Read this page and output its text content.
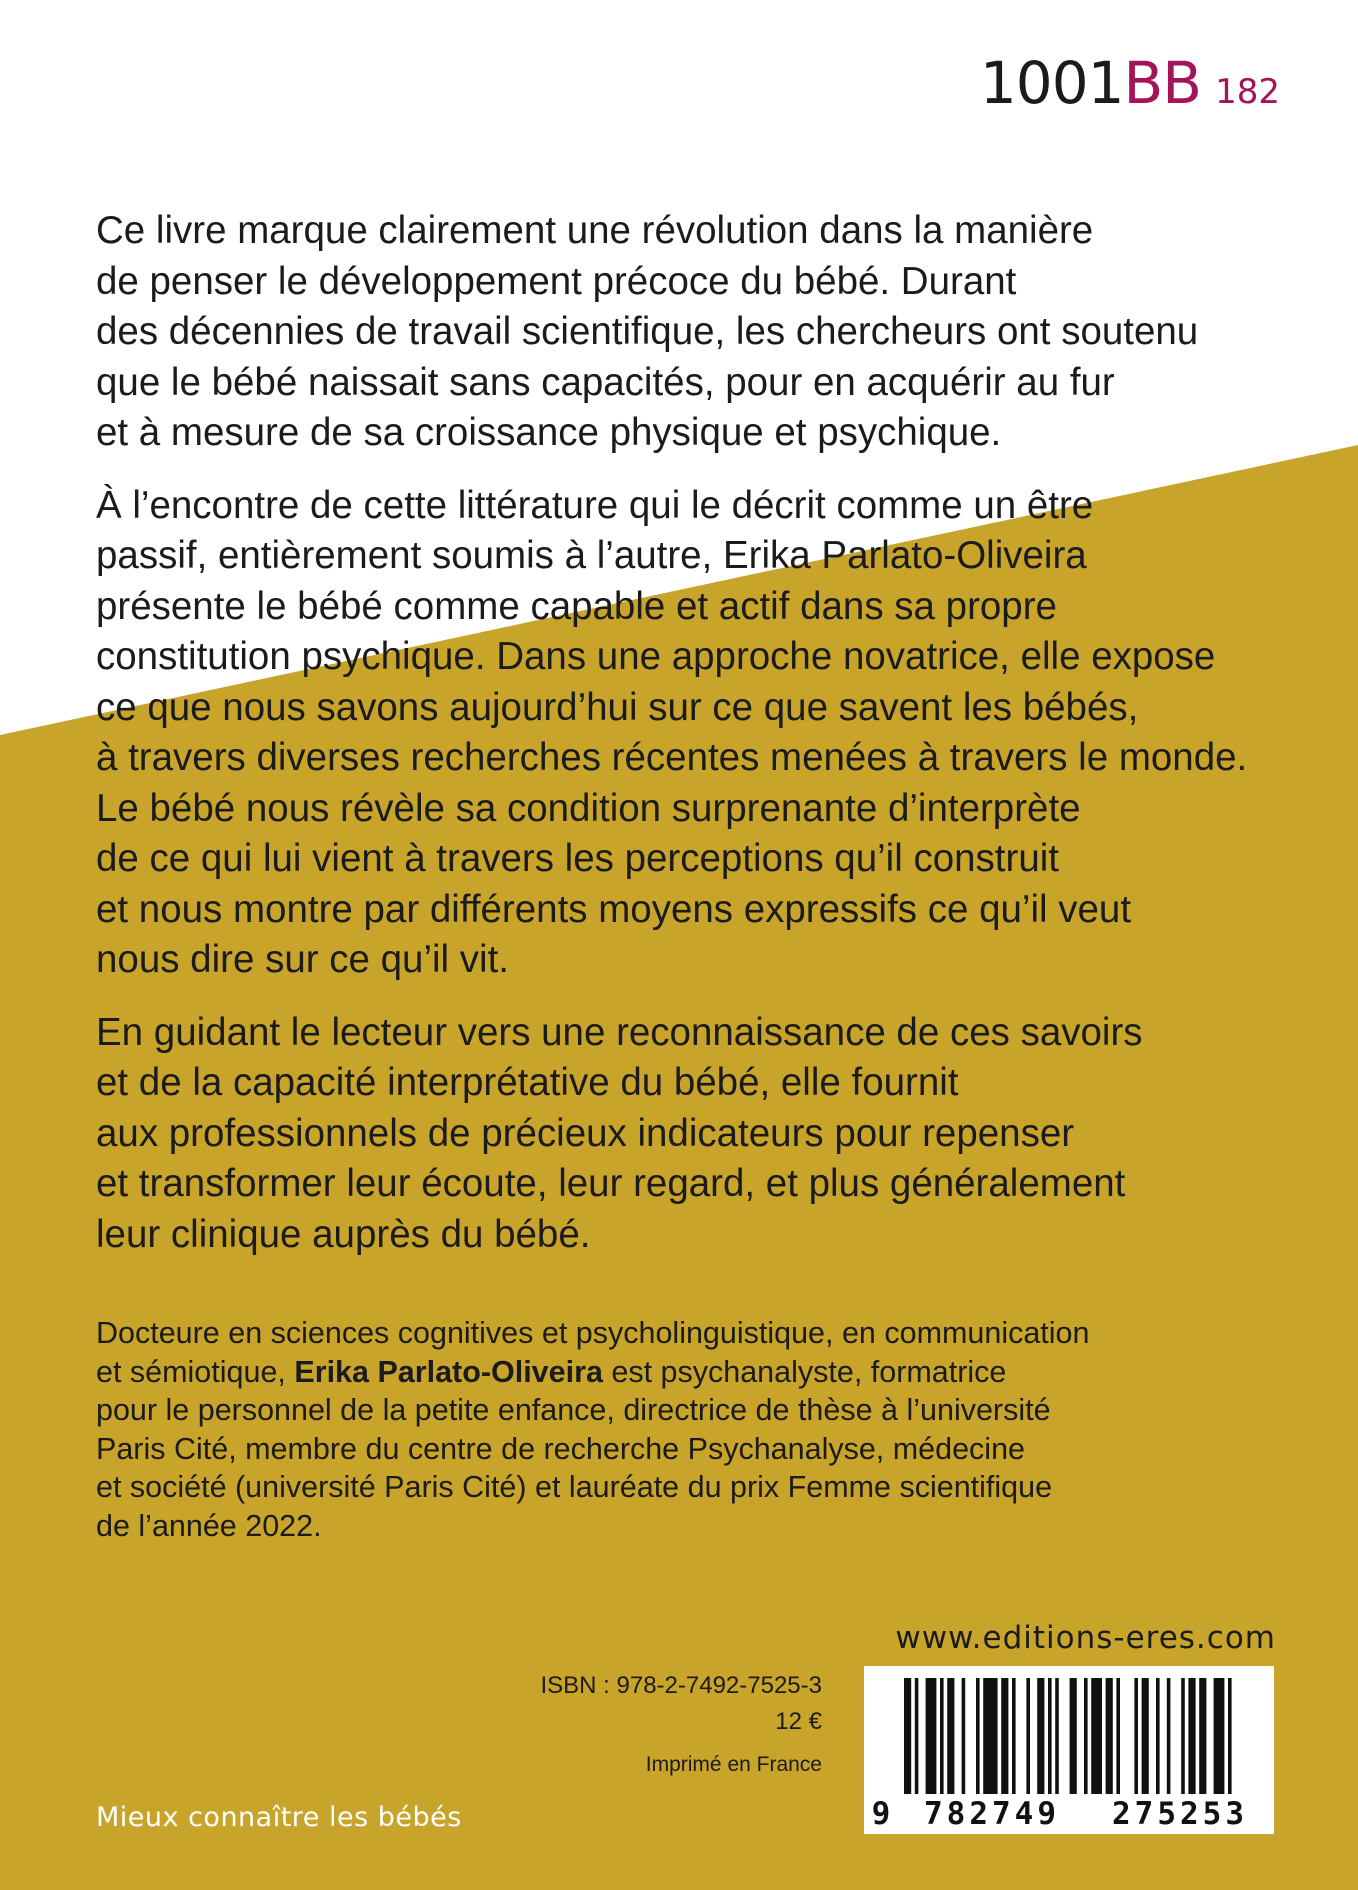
1001 BB 182

Ce livre marque clairement une révolution dans la manière
de penser le développement précoce du bébé. Durant
des décennies de travail scientifique, les chercheurs ont soutenu
que le bébé naissait sans capacités, pour en acquérir au fur
et à mesure de sa croissance physique et psychique.

À l’encontre de cette littérature qui le décrit comme un être
passif, entièrement soumis à l’autre, Erika Parlato-Oliveira
présente le bébé comme capable et actif dans sa propre
constitution psychique. Dans une approche novatrice, elle expose
ce que nous savons aujourd’hui sur ce que savent les bébés,
à travers diverses recherches récentes menées à travers le monde.
Le bébé nous révèle sa condition surprenante d’interprète
de ce qui lui vient à travers les perceptions qu’il construit
et nous montre par différents moyens expressifs ce qu’il veut
nous dire sur ce qu’il vit.

En guidant le lecteur vers une reconnaissance de ces savoirs
et de la capacité interprétative du bébé, elle fournit
aux professionnels de précieux indicateurs pour repenser
et transformer leur écoute, leur regard, et plus généralement
leur clinique auprès du bébé.

Docteure en sciences cognitives et psycholinguistique, en communication
et sémiotique, Erika Parlato-Oliveira est psychanalyste, formatrice
pour le personnel de la petite enfance, directrice de thèse à l’université
Paris Cité, membre du centre de recherche Psychanalyse, médecine
et société (université Paris Cité) et lauréate du prix Femme scientifique
de l’année 2022.
ISBN : 978-2-7492-7525-3
12 €
Imprimé en France
www.editions-eres.com
9	782749	275253
Mieux connaître les bébés
